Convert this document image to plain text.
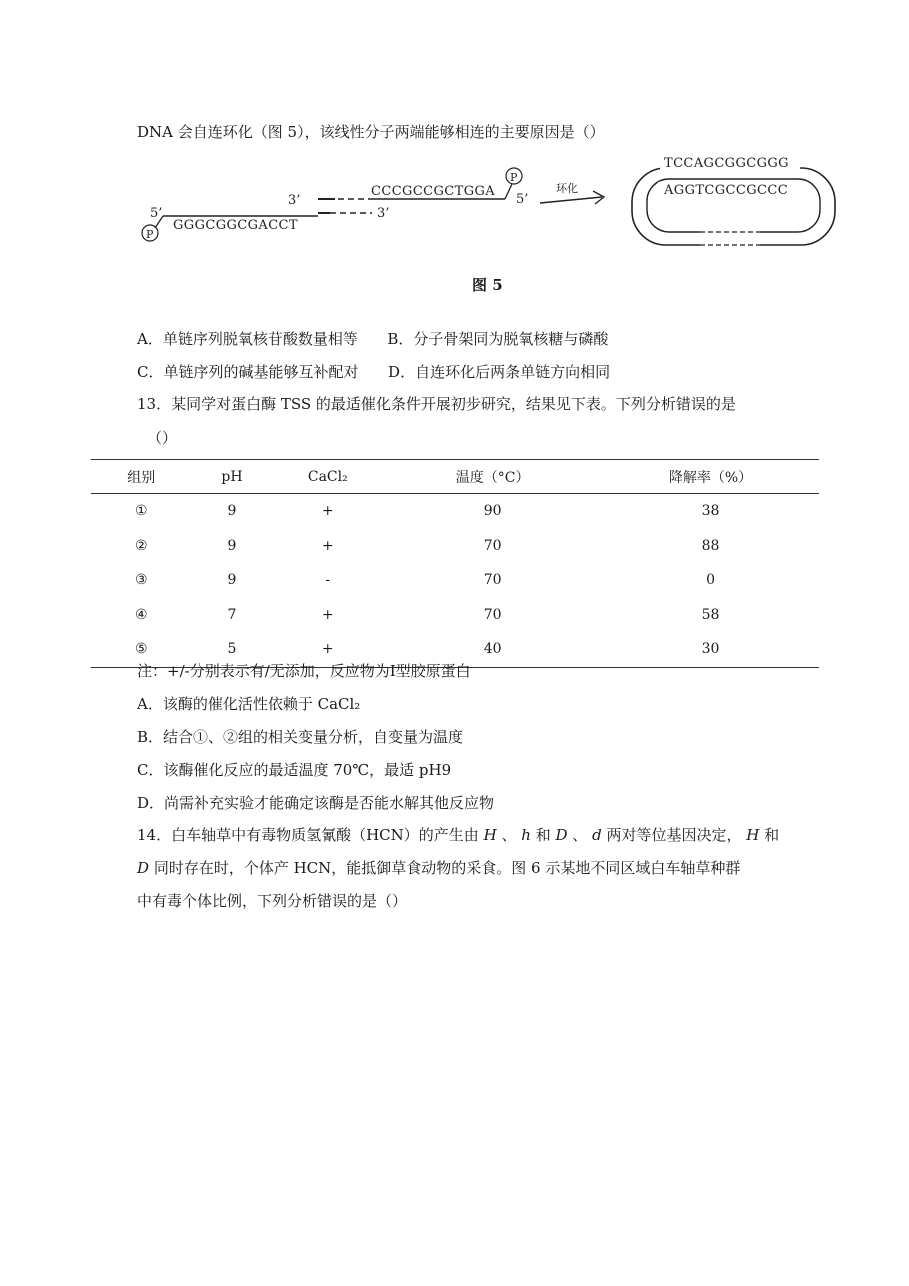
DNA 会自连环化（图 5），该线性分子两端能够相连的主要原因是（）
3’
CCCGCCGCTGGA
5’
3’
5’
GGGCGGCGACCT
P
P
环化
TCCAGCGGCGGG
AGGTCGCCGCCC
图 5
A．单链序列脱氧核苷酸数量相等 B．分子骨架同为脱氧核糖与磷酸
C．单链序列的碱基能够互补配对 D．自连环化后两条单链方向相同
13．某同学对蛋白酶 TSS 的最适催化条件开展初步研究，结果见下表。下列分析错误的是
（）
组别	pH	CaCl₂	温度（°C）	降解率（%）
①	9	+	90	38
②	9	+	70	88
③	9	-	70	0
④	7	+	70	58
⑤	5	+	40	30
注：+/-分别表示有/无添加，反应物为I型胶原蛋白
A．该酶的催化活性依赖于 CaCl₂
B．结合①、②组的相关变量分析，自变量为温度
C．该酶催化反应的最适温度 70℃，最适 pH9
D．尚需补充实验才能确定该酶是否能水解其他反应物
14．白车轴草中有毒物质氢氰酸（HCN）的产生由 H 、 h 和 D 、 d 两对等位基因决定， H 和
D 同时存在时，个体产 HCN，能抵御草食动物的采食。图 6 示某地不同区域白车轴草种群
中有毒个体比例，下列分析错误的是（）
